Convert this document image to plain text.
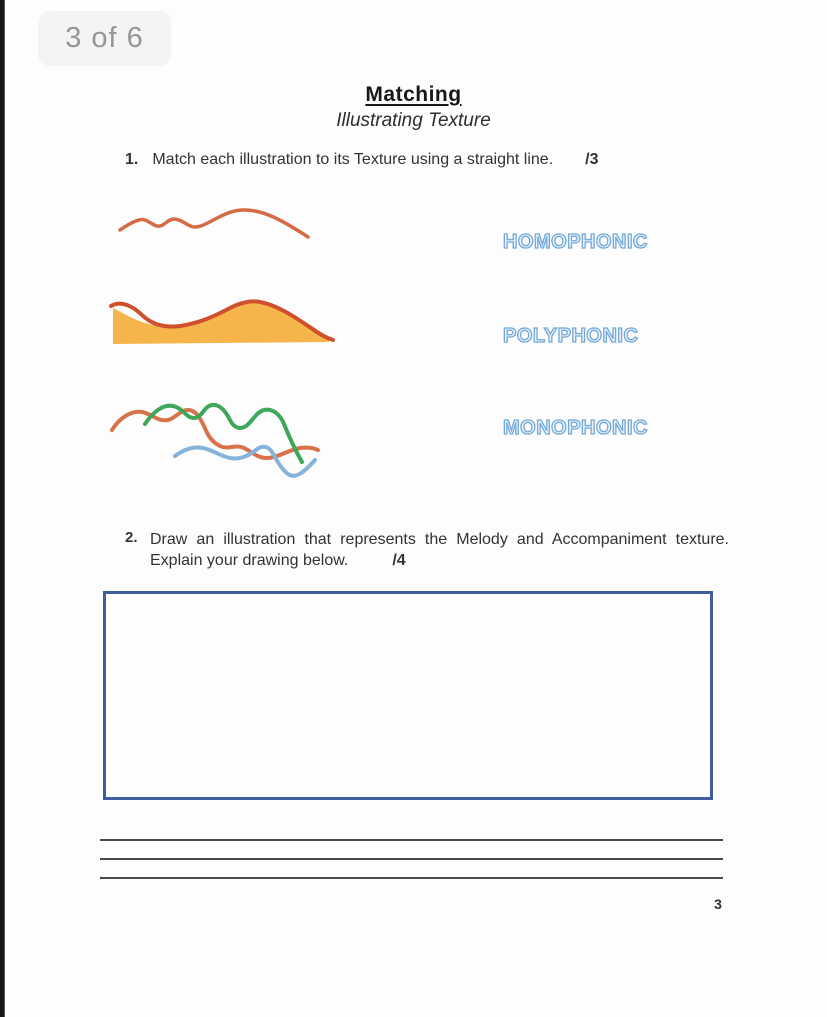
3 of 6
Matching
Illustrating Texture
1. Match each illustration to its Texture using a straight line. /3
HOMOPHONIC
POLYPHONIC
MONOPHONIC
2. Draw an illustration that represents the Melody and Accompaniment texture. Explain your drawing below.	/4
3
